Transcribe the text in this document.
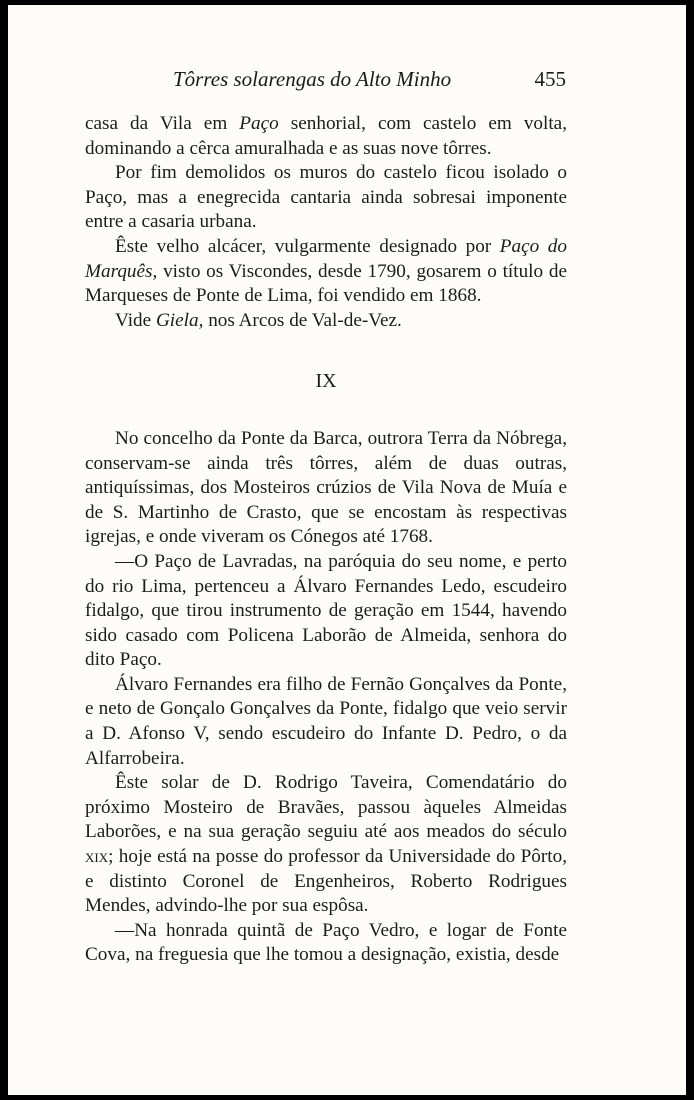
Tôrres solarengas do Alto Minho	455

casa da Vila em Paço senhorial, com castelo em volta, dominando a cêrca amuralhada e as suas nove tôrres.

Por fim demolidos os muros do castelo ficou isolado o Paço, mas a enegrecida cantaria ainda sobresai imponente entre a casaria urbana.

Êste velho alcácer, vulgarmente designado por Paço do Marquês, visto os Viscondes, desde 1790, gosarem o título de Marqueses de Ponte de Lima, foi vendido em 1868.

Vide Giela, nos Arcos de Val-de-Vez.

IX

No concelho da Ponte da Barca, outrora Terra da Nóbrega, conservam-se ainda três tôrres, além de duas outras, antiquíssimas, dos Mosteiros crúzios de Vila Nova de Muía e de S. Martinho de Crasto, que se encostam às respectivas igrejas, e onde viveram os Cónegos até 1768.

—O Paço de Lavradas, na paróquia do seu nome, e perto do rio Lima, pertenceu a Álvaro Fernandes Ledo, escudeiro fidalgo, que tirou instrumento de geração em 1544, havendo sido casado com Policena Laborão de Almeida, senhora do dito Paço.

Álvaro Fernandes era filho de Fernão Gonçalves da Ponte, e neto de Gonçalo Gonçalves da Ponte, fidalgo que veio servir a D. Afonso V, sendo escudeiro do Infante D. Pedro, o da Alfarrobeira.

Êste solar de D. Rodrigo Taveira, Comendatário do próximo Mosteiro de Bravães, passou àqueles Almeidas Laborões, e na sua geração seguiu até aos meados do século xix; hoje está na posse do professor da Universidade do Pôrto, e distinto Coronel de Engenheiros, Roberto Rodrigues Mendes, advindo-lhe por sua espôsa.

—Na honrada quintã de Paço Vedro, e logar de Fonte Cova, na freguesia que lhe tomou a designação, existia, desde
